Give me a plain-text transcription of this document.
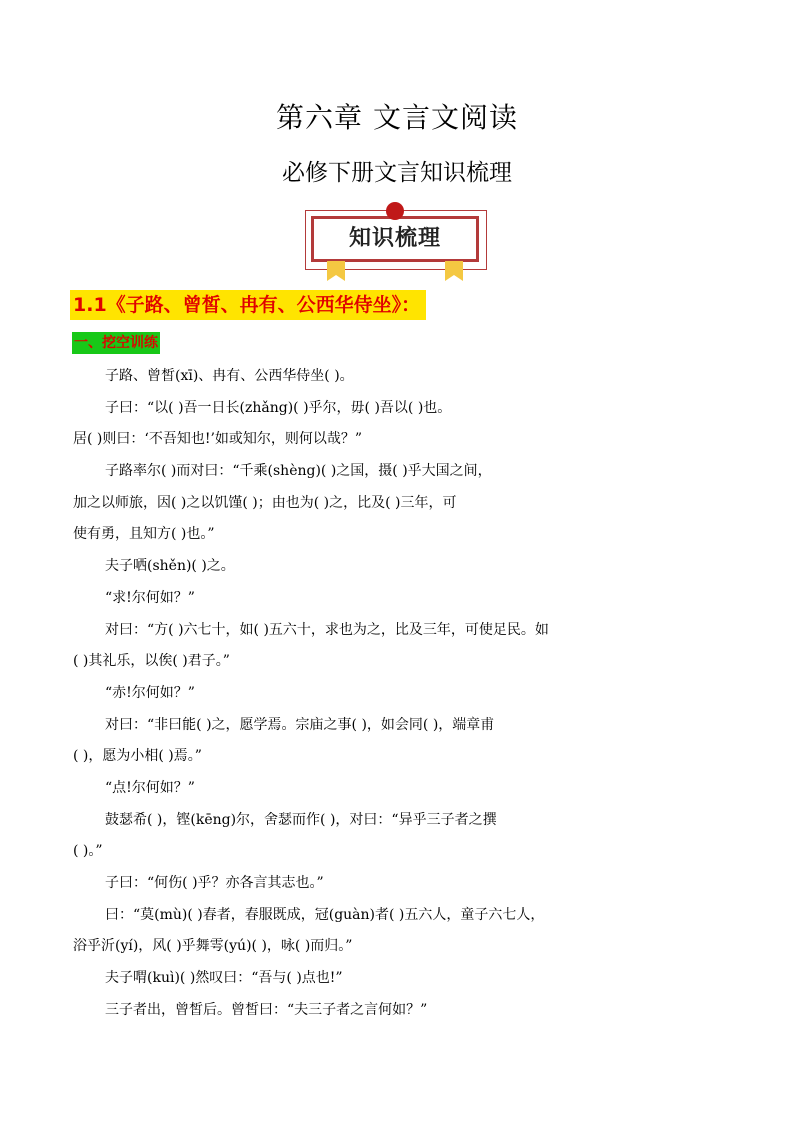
第六章 文言文阅读
必修下册文言知识梳理
知识梳理
1.1《子路、曾皙、冉有、公西华侍坐》：
一、挖空训练
子路、曾皙(xī)、冉有、公西华侍坐( )。
子曰：“以( )吾一日长(zhǎng)( )乎尔，毋( )吾以( )也。
居( )则曰：‘不吾知也!’如或知尔，则何以哉？”
子路率尔( )而对曰：“千乘(shèng)( )之国，摄( )乎大国之间，
加之以师旅，因( )之以饥馑( )；由也为( )之，比及( )三年，可
使有勇，且知方( )也。”
夫子哂(shěn)( )之。
“求!尔何如？”
对曰：“方( )六七十，如( )五六十，求也为之，比及三年，可使足民。如
( )其礼乐，以俟( )君子。”
“赤!尔何如？”
对曰：“非曰能( )之，愿学焉。宗庙之事( )，如会同( )，端章甫
( )，愿为小相( )焉。”
“点!尔何如？”
鼓瑟希( )，铿(kēng)尔，舍瑟而作( )，对曰：“异乎三子者之撰
( )。”
子曰：“何伤( )乎？亦各言其志也。”
曰：“莫(mù)( )春者，春服既成，冠(guàn)者( )五六人，童子六七人，
浴乎沂(yí)，风( )乎舞雩(yú)( )，咏( )而归。”
夫子喟(kuì)( )然叹曰：“吾与( )点也!”
三子者出，曾皙后。曾皙曰：“夫三子者之言何如？”
